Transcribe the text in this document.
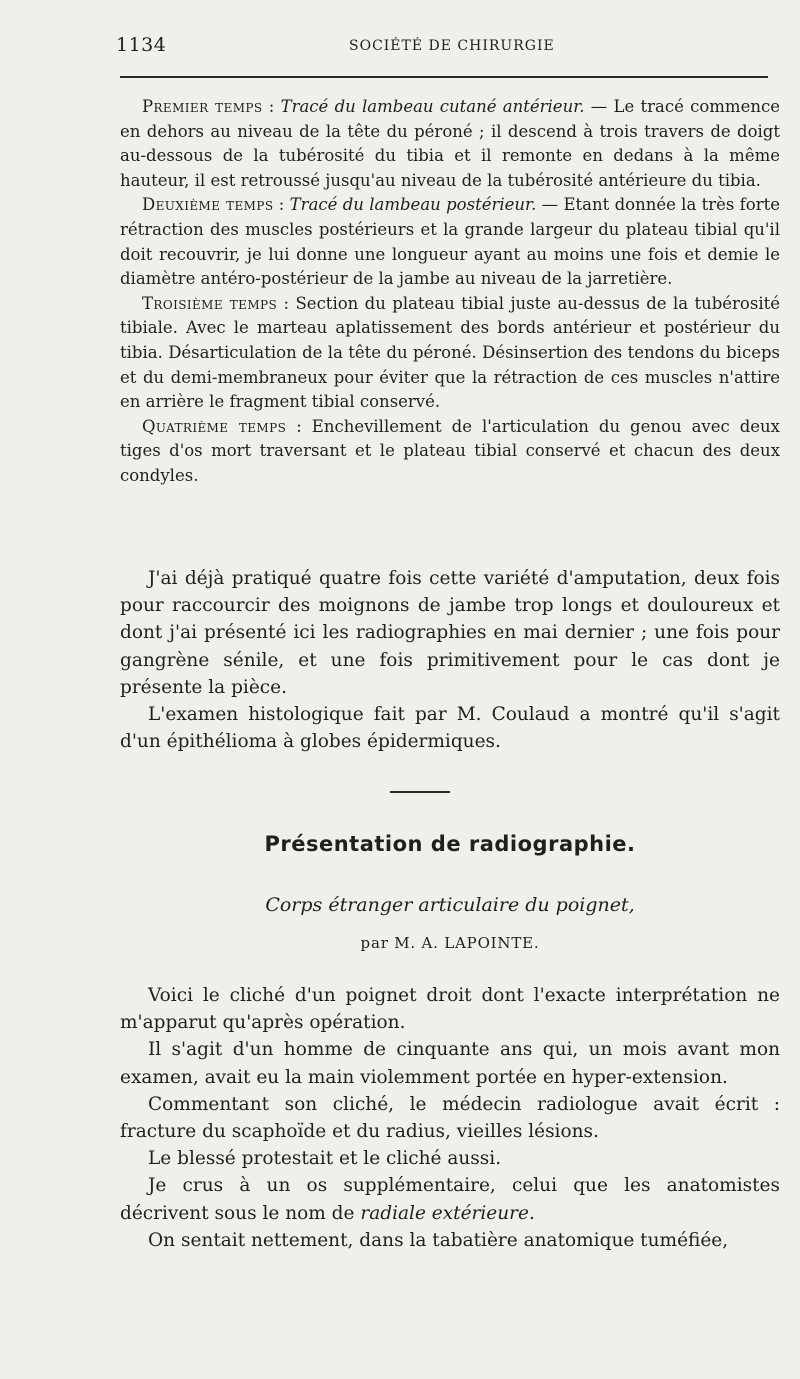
1134	SOCIÉTÉ DE CHIRURGIE

Premier temps : Tracé du lambeau cutané antérieur. — Le tracé commence en dehors au niveau de la tête du péroné ; il descend à trois travers de doigt au-dessous de la tubérosité du tibia et il remonte en dedans à la même hauteur, il est retroussé jusqu'au niveau de la tubérosité antérieure du tibia.

Deuxième temps : Tracé du lambeau postérieur. — Etant donnée la très forte rétraction des muscles postérieurs et la grande largeur du plateau tibial qu'il doit recouvrir, je lui donne une longueur ayant au moins une fois et demie le diamètre antéro-postérieur de la jambe au niveau de la jarretière.

Troisième temps : Section du plateau tibial juste au-dessus de la tubérosité tibiale. Avec le marteau aplatissement des bords antérieur et postérieur du tibia. Désarticulation de la tête du péroné. Désinsertion des tendons du biceps et du demi-membraneux pour éviter que la rétraction de ces muscles n'attire en arrière le fragment tibial conservé.

Quatrième temps : Enchevillement de l'articulation du genou avec deux tiges d'os mort traversant et le plateau tibial conservé et chacun des deux condyles.

J'ai déjà pratiqué quatre fois cette variété d'amputation, deux fois pour raccourcir des moignons de jambe trop longs et douloureux et dont j'ai présenté ici les radiographies en mai dernier ; une fois pour gangrène sénile, et une fois primitivement pour le cas dont je présente la pièce.

L'examen histologique fait par M. Coulaud a montré qu'il s'agit d'un épithélioma à globes épidermiques.

Présentation de radiographie.
Corps étranger articulaire du poignet,
par M. A. LAPOINTE.

Voici le cliché d'un poignet droit dont l'exacte interprétation ne m'apparut qu'après opération.

Il s'agit d'un homme de cinquante ans qui, un mois avant mon examen, avait eu la main violemment portée en hyper-extension.

Commentant son cliché, le médecin radiologue avait écrit : fracture du scaphoïde et du radius, vieilles lésions.

Le blessé protestait et le cliché aussi.

Je crus à un os supplémentaire, celui que les anatomistes décrivent sous le nom de radiale extérieure.

On sentait nettement, dans la tabatière anatomique tuméfiée,
